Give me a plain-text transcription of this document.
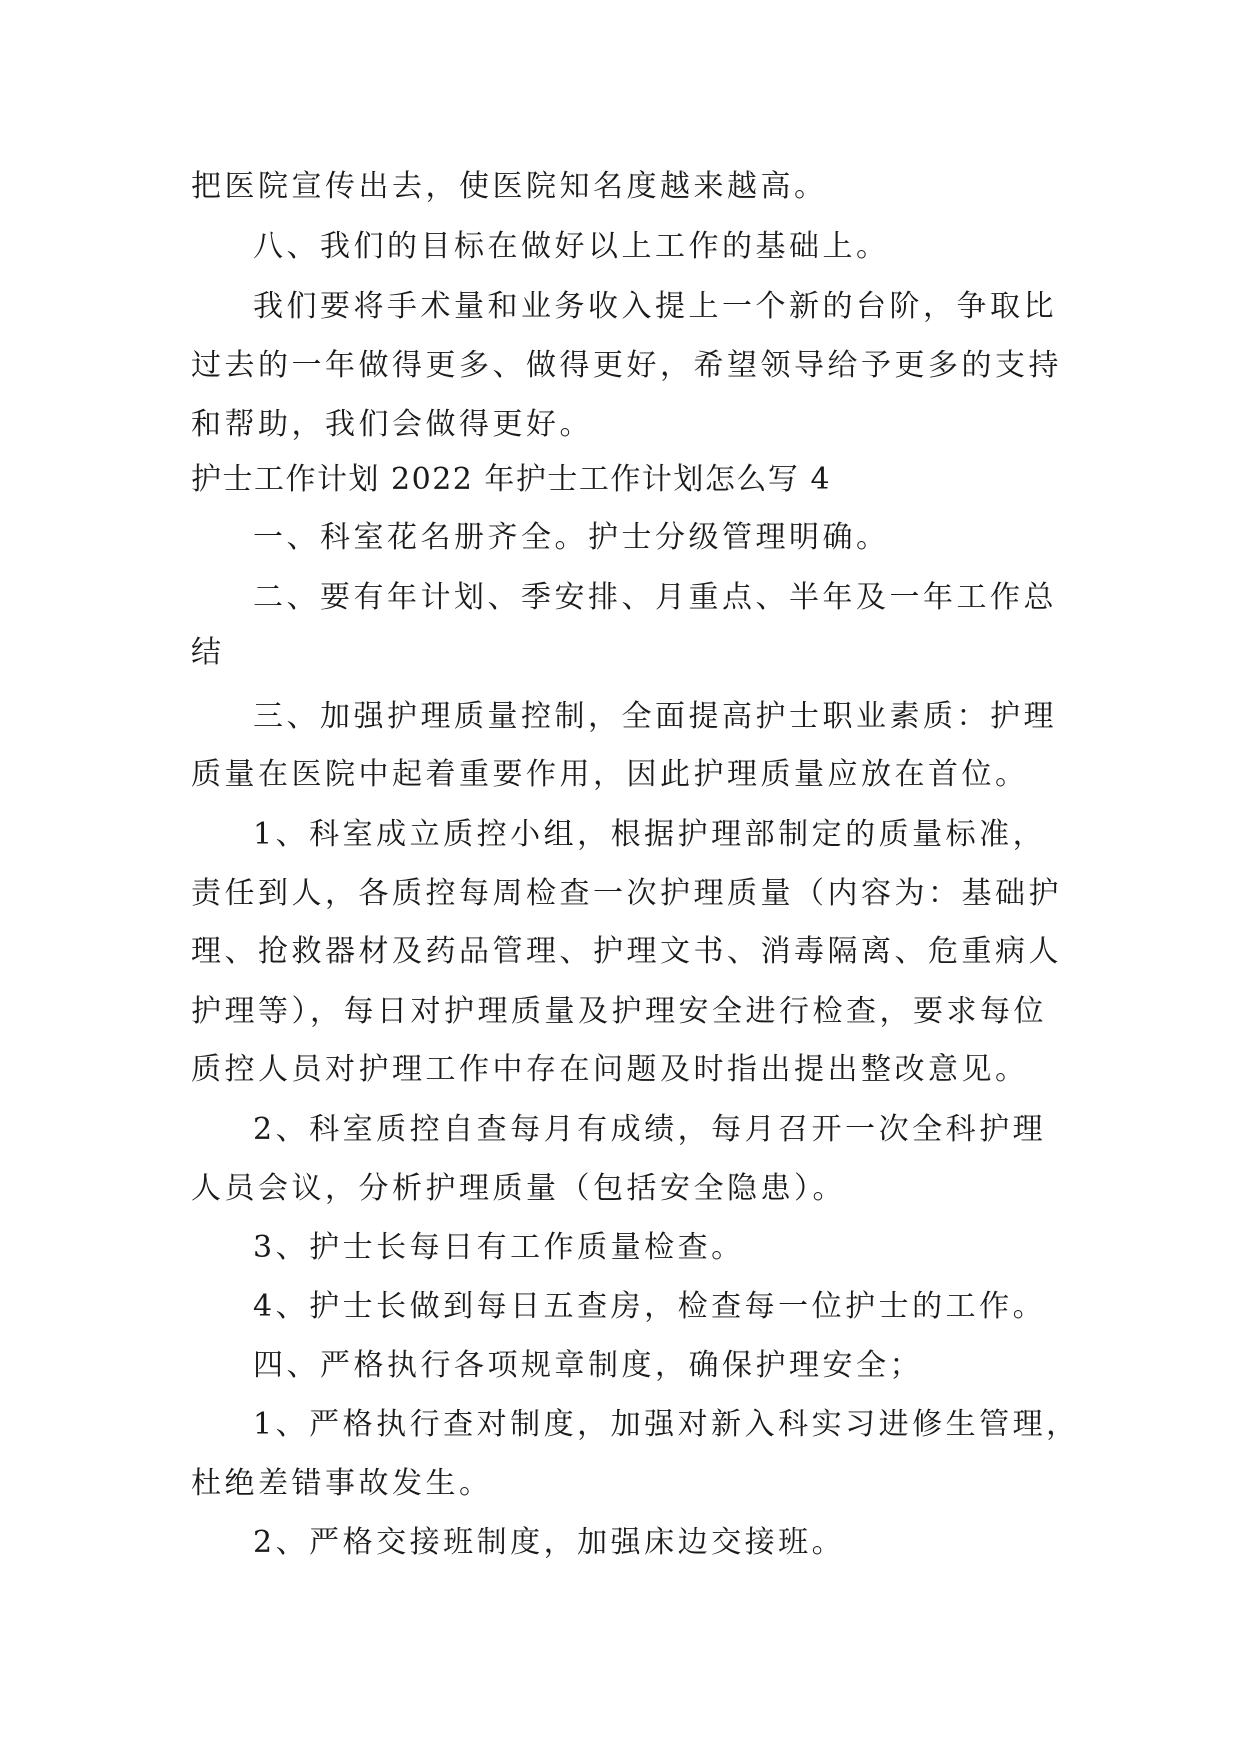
把医院宣传出去，使医院知名度越来越高。
八、我们的目标在做好以上工作的基础上。
我们要将手术量和业务收入提上一个新的台阶，争取比
过去的一年做得更多、做得更好，希望领导给予更多的支持
和帮助，我们会做得更好。
护士工作计划 2022 年护士工作计划怎么写 4
一、科室花名册齐全。护士分级管理明确。
二、要有年计划、季安排、月重点、半年及一年工作总
结
三、加强护理质量控制，全面提高护士职业素质：护理
质量在医院中起着重要作用，因此护理质量应放在首位。
1、科室成立质控小组，根据护理部制定的质量标准，
责任到人，各质控每周检查一次护理质量（内容为：基础护
理、抢救器材及药品管理、护理文书、消毒隔离、危重病人
护理等），每日对护理质量及护理安全进行检查，要求每位
质控人员对护理工作中存在问题及时指出提出整改意见。
2、科室质控自查每月有成绩，每月召开一次全科护理
人员会议，分析护理质量（包括安全隐患）。
3、护士长每日有工作质量检查。
4、护士长做到每日五查房，检查每一位护士的工作。
四、严格执行各项规章制度，确保护理安全；
1、严格执行查对制度，加强对新入科实习进修生管理，
杜绝差错事故发生。
2、严格交接班制度，加强床边交接班。
